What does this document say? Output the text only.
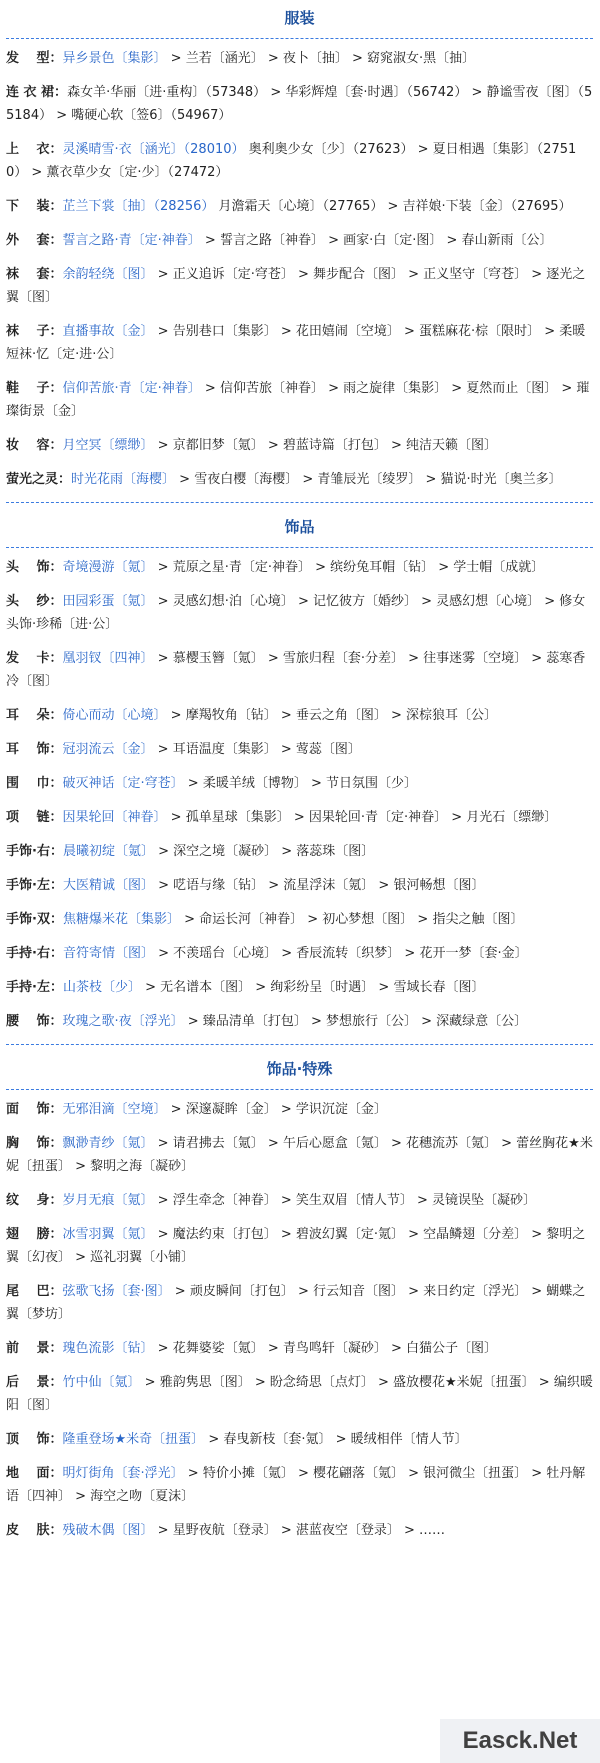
服装
发　 型：异乡景色〔集影〕 > 兰若〔涵光〕 > 夜卜〔抽〕 > 窈窕淑女·黑〔抽〕
连 衣 裙：森女羊·华丽〔进·重构〕（57348） > 华彩辉煌〔套·时遇〕（56742） > 静谧雪夜〔图〕（55184） > 嘴硬心软〔签6〕（54967）
上　 衣：灵溪晴雪·衣〔涵光〕（28010） 奥利奥少女〔少〕（27623） > 夏日相遇〔集影〕（27510） > 薰衣草少女〔定·少〕（27472）
下　 装：芷兰下裳〔抽〕（28256） 月澹霜天〔心境〕（27765） > 吉祥娘·下装〔金〕（27695）
外　 套：誓言之路·青〔定·神眷〕 > 誓言之路〔神眷〕 > 画家·白〔定·图〕 > 春山新雨〔公〕
袜　 套：余韵轻绕〔图〕 > 正义追诉〔定·穹苍〕 > 舞步配合〔图〕 > 正义坚守〔穹苍〕 > 逐光之翼〔图〕
袜　 子：直播事故〔金〕 > 告别巷口〔集影〕 > 花田嬉闹〔空境〕 > 蛋糕麻花·棕〔限时〕 > 柔暖短袜·忆〔定·进·公〕
鞋　 子：信仰苦旅·青〔定·神眷〕 > 信仰苦旅〔神眷〕 > 雨之旋律〔集影〕 > 夏然而止〔图〕 > 璀璨街景〔金〕
妆　 容：月空冥〔缥缈〕 > 京都旧梦〔氪〕 > 碧蓝诗篇〔打包〕 > 纯洁天籁〔图〕
萤光之灵：时光花雨〔海樱〕 > 雪夜白樱〔海樱〕 > 青雏辰光〔绫罗〕 > 猫说·时光〔奥兰多〕
饰品
头　 饰：奇境漫游〔氪〕 > 荒原之星·青〔定·神眷〕 > 缤纷兔耳帽〔钻〕 > 学士帽〔成就〕
头　 纱：田园彩蛋〔氪〕 > 灵感幻想·泊〔心境〕 > 记忆彼方〔婚纱〕 > 灵感幻想〔心境〕 > 修女头饰·珍稀〔进·公〕
发　 卡：凰羽钗〔四神〕 > 慕樱玉簪〔氪〕 > 雪旅归程〔套·分差〕 > 往事迷雾〔空境〕 > 蕊寒香冷〔图〕
耳　 朵：倚心而动〔心境〕 > 摩羯牧角〔钻〕 > 垂云之角〔图〕 > 深棕狼耳〔公〕
耳　 饰：冠羽流云〔金〕 > 耳语温度〔集影〕 > 莺蕊〔图〕
围　 巾：破灭神话〔定·穹苍〕 > 柔暖羊绒〔博物〕 > 节日氛围〔少〕
项　 链：因果轮回〔神眷〕 > 孤单星球〔集影〕 > 因果轮回·青〔定·神眷〕 > 月光石〔缥缈〕
手饰·右：晨曦初绽〔氪〕 > 深空之境〔凝砂〕 > 落蕊珠〔图〕
手饰·左：大医精诚〔图〕 > 呓语与缘〔钻〕 > 流星浮沫〔氪〕 > 银河畅想〔图〕
手饰·双：焦糖爆米花〔集影〕 > 命运长河〔神眷〕 > 初心梦想〔图〕 > 指尖之触〔图〕
手持·右：音符寄情〔图〕 > 不羡瑶台〔心境〕 > 香辰流转〔织梦〕 > 花开一梦〔套·金〕
手持·左：山茶枝〔少〕 > 无名谱本〔图〕 > 绚彩纷呈〔时遇〕 > 雪域长春〔图〕
腰　 饰：玫瑰之歌·夜〔浮光〕 > 臻品清单〔打包〕 > 梦想旅行〔公〕 > 深藏绿意〔公〕
饰品·特殊
面　 饰：无邪泪滴〔空境〕 > 深邃凝眸〔金〕 > 学识沉淀〔金〕
胸　 饰：飘渺青纱〔氪〕 > 请君拂去〔氪〕 > 午后心愿盒〔氪〕 > 花穗流苏〔氪〕 > 蕾丝胸花★米妮〔扭蛋〕 > 黎明之海〔凝砂〕
纹　 身：岁月无痕〔氪〕 > 浮生牵念〔神眷〕 > 笑生双眉〔情人节〕 > 灵镜误坠〔凝砂〕
翅　 膀：冰雪羽翼〔氪〕 > 魔法约束〔打包〕 > 碧波幻翼〔定·氪〕 > 空晶鳞翅〔分差〕 > 黎明之翼〔幻夜〕 > 巡礼羽翼〔小铺〕
尾　 巴：弦歌飞扬〔套·图〕 > 顽皮瞬间〔打包〕 > 行云知音〔图〕 > 来日约定〔浮光〕 > 蝴蝶之翼〔梦坊〕
前　 景：瑰色流影〔钻〕 > 花舞婆娑〔氪〕 > 青鸟鸣轩〔凝砂〕 > 白猫公子〔图〕
后　 景：竹中仙〔氪〕 > 雅韵隽思〔图〕 > 盼念绮思〔点灯〕 > 盛放樱花★米妮〔扭蛋〕 > 编织暖阳〔图〕
顶　 饰：隆重登场★米奇〔扭蛋〕 > 春曳新枝〔套·氪〕 > 暖绒相伴〔情人节〕
地　 面：明灯街角〔套·浮光〕 > 特价小摊〔氪〕 > 樱花翩落〔氪〕 > 银河微尘〔扭蛋〕 > 牡丹解语〔四神〕 > 海空之吻〔夏沫〕
皮　 肤：残破木偶〔图〕 > 星野夜航〔登录〕 > 湛蓝夜空〔登录〕 > ……
Easck.Net
